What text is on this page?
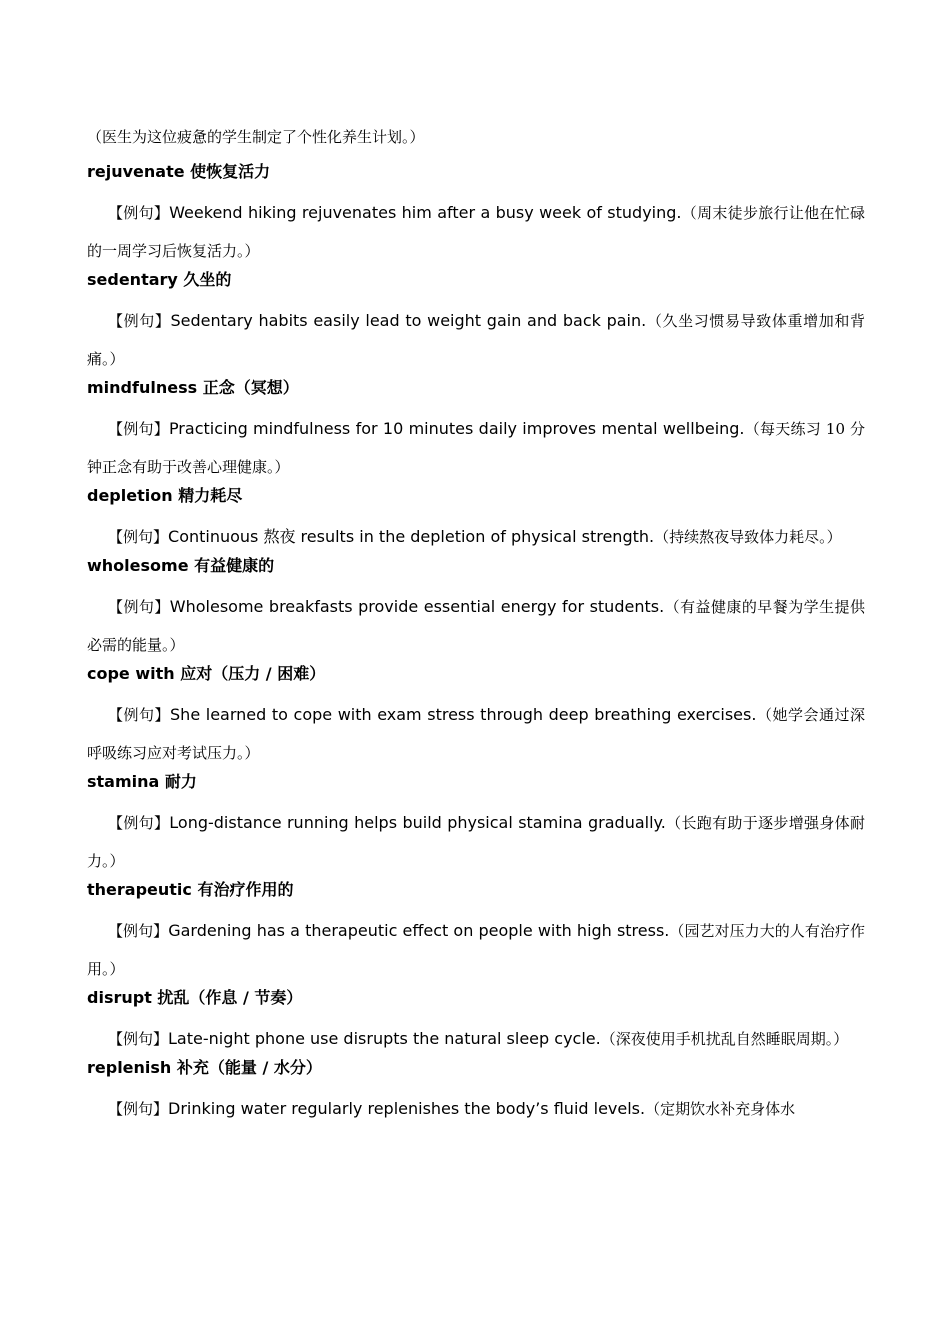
（医生为这位疲惫的学生制定了个性化养生计划。）
rejuvenate 使恢复活力
【例句】Weekend hiking rejuvenates him after a busy week of studying.（周末徒步旅行让他在忙碌的一周学习后恢复活力。）
sedentary 久坐的
【例句】Sedentary habits easily lead to weight gain and back pain.（久坐习惯易导致体重增加和背痛。）
mindfulness 正念（冥想）
【例句】Practicing mindfulness for 10 minutes daily improves mental wellbeing.（每天练习 10 分钟正念有助于改善心理健康。）
depletion 精力耗尽
【例句】Continuous 熬夜 results in the depletion of physical strength.（持续熬夜导致体力耗尽。）
wholesome 有益健康的
【例句】Wholesome breakfasts provide essential energy for students.（有益健康的早餐为学生提供必需的能量。）
cope with 应对（压力 / 困难）
【例句】She learned to cope with exam stress through deep breathing exercises.（她学会通过深呼吸练习应对考试压力。）
stamina 耐力
【例句】Long-distance running helps build physical stamina gradually.（长跑有助于逐步增强身体耐力。）
therapeutic 有治疗作用的
【例句】Gardening has a therapeutic effect on people with high stress.（园艺对压力大的人有治疗作用。）
disrupt 扰乱（作息 / 节奏）
【例句】Late-night phone use disrupts the natural sleep cycle.（深夜使用手机扰乱自然睡眠周期。）
replenish 补充（能量 / 水分）
【例句】Drinking water regularly replenishes the body’s fluid levels.（定期饮水补充身体水
